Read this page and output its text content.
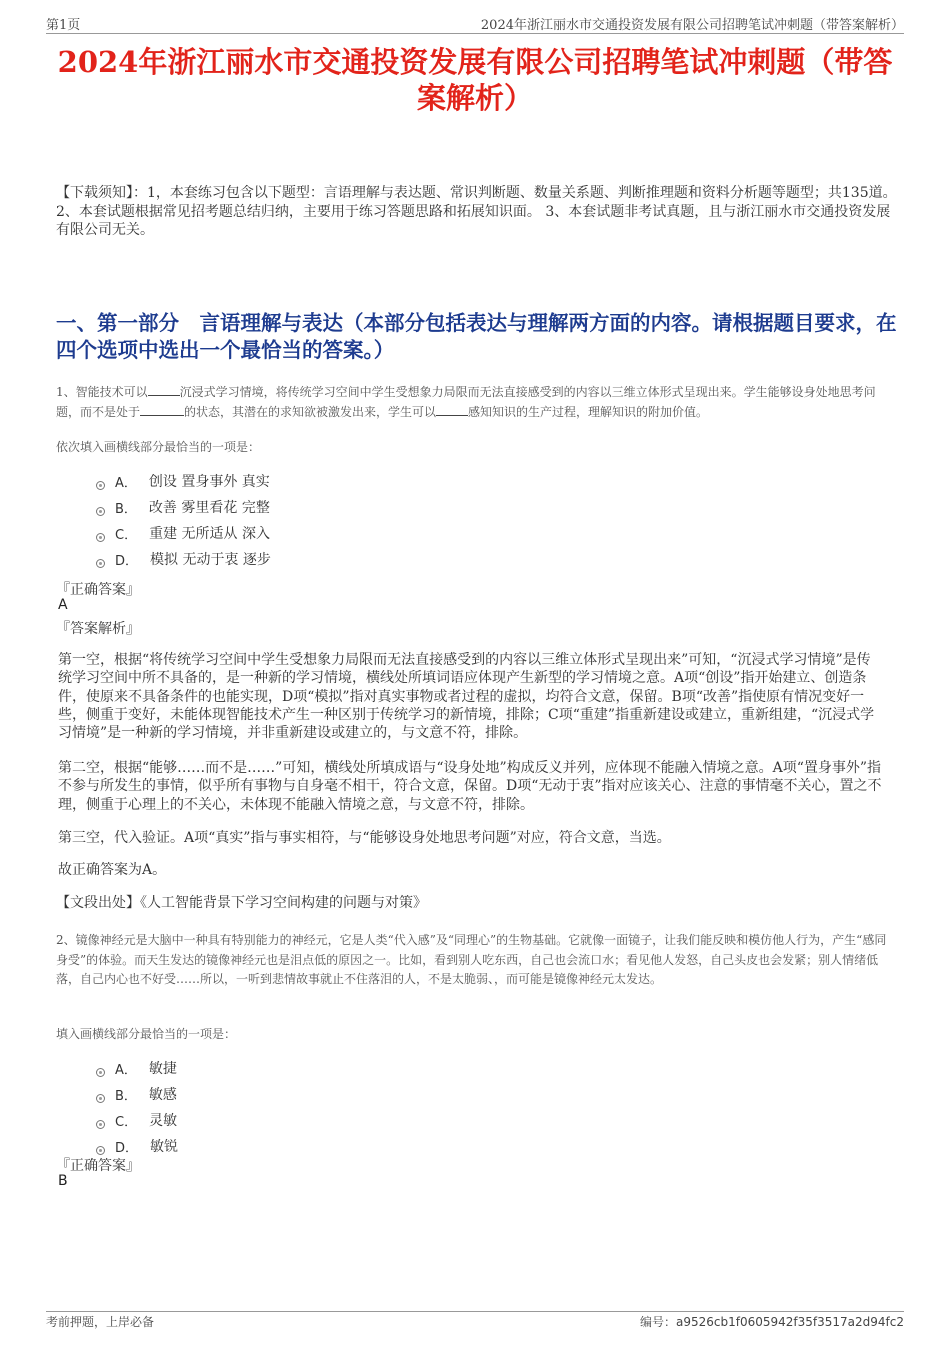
第1页	2024年浙江丽水市交通投资发展有限公司招聘笔试冲刺题（带答案解析）
2024年浙江丽水市交通投资发展有限公司招聘笔试冲刺题（带答案解析）

【下载须知】：1，本套练习包含以下题型：言语理解与表达题、常识判断题、数量关系题、判断推理题和资料分析题等题型；共135道。 2、本套试题根据常见招考题总结归纳，主要用于练习答题思路和拓展知识面。 3、本套试题非考试真题，且与浙江丽水市交通投资发展有限公司无关。

一、第一部分　言语理解与表达（本部分包括表达与理解两方面的内容。请根据题目要求，在四个选项中选出一个最恰当的答案。）

1、智能技术可以	沉浸式学习情境，将传统学习空间中学生受想象力局限而无法直接感受到的内容以三维立体形式呈现出来。学生能够设身处地思考问题，而不是处于	的状态，其潜在的求知欲被激发出来，学生可以	感知知识的生产过程，理解知识的附加价值。

依次填入画横线部分最恰当的一项是：
A． 创设 置身事外 真实
B． 改善 雾里看花 完整
C． 重建 无所适从 深入
D． 模拟 无动于衷 逐步
『正确答案』
A
『答案解析』

第一空，根据“将传统学习空间中学生受想象力局限而无法直接感受到的内容以三维立体形式呈现出来”可知，“沉浸式学习情境”是传统学习空间中所不具备的，是一种新的学习情境，横线处所填词语应体现产生新型的学习情境之意。A项“创设”指开始建立、创造条件，使原来不具备条件的也能实现，D项“模拟”指对真实事物或者过程的虚拟，均符合文意，保留。B项“改善”指使原有情况变好一些，侧重于变好，未能体现智能技术产生一种区别于传统学习的新情境，排除；C项“重建”指重新建设或建立，重新组建，“沉浸式学习情境”是一种新的学习情境，并非重新建设或建立的，与文意不符，排除。

第二空，根据“能够……而不是……”可知，横线处所填成语与“设身处地”构成反义并列，应体现不能融入情境之意。A项“置身事外”指不参与所发生的事情，似乎所有事物与自身毫不相干，符合文意，保留。D项“无动于衷”指对应该关心、注意的事情毫不关心，置之不理，侧重于心理上的不关心，未体现不能融入情境之意，与文意不符，排除。

第三空，代入验证。A项“真实”指与事实相符，与“能够设身处地思考问题”对应，符合文意，当选。

故正确答案为A。

【文段出处】《人工智能背景下学习空间构建的问题与对策》

2、镜像神经元是大脑中一种具有特别能力的神经元，它是人类“代入感”及“同理心”的生物基础。它就像一面镜子，让我们能反映和模仿他人行为，产生“感同身受”的体验。而天生发达的镜像神经元也是泪点低的原因之一。比如，看到别人吃东西，自己也会流口水；看见他人发怒，自己头皮也会发紧；别人情绪低落，自己内心也不好受……所以，一听到悲情故事就止不住落泪的人，不是太脆弱、，而可能是镜像神经元太发达。

填入画横线部分最恰当的一项是：
A． 敏捷
B． 敏感
C． 灵敏
D． 敏锐
『正确答案』
B
考前押题，上岸必备	编号：a9526cb1f0605942f35f3517a2d94fc2
